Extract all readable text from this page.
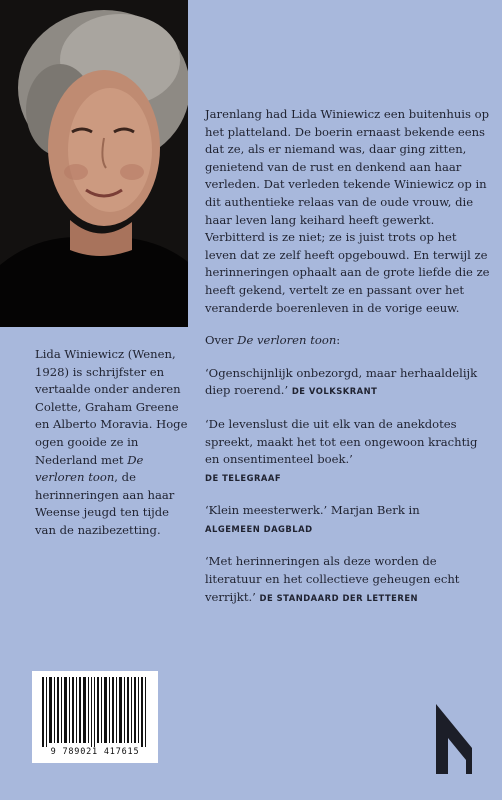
Lida Winiewicz (Wenen, 1928) is schrijfster en vertaalde onder anderen Colette, Graham Greene en Alberto Moravia. Hoge ogen gooide ze in Nederland met De verloren toon, de herinneringen aan haar Weense jeugd ten tijde van de nazibezetting.

Jarenlang had Lida Winiewicz een buitenhuis op het platteland. De boerin ernaast bekende eens dat ze, als er niemand was, daar ging zitten, genietend van de rust en denkend aan haar verleden. Dat verleden tekende Winiewicz op in dit authentieke relaas van de oude vrouw, die haar leven lang keihard heeft gewerkt. Verbitterd is ze niet; ze is juist trots op het leven dat ze zelf heeft opgebouwd. En terwijl ze herinneringen ophaalt aan de grote liefde die ze heeft gekend, vertelt ze en passant over het veranderde boerenleven in de vorige eeuw.

Over De verloren toon:

‘Ogenschijnlijk onbezorgd, maar herhaaldelijk diep roerend.’ DE VOLKSKRANT

‘De levenslust die uit elk van de anekdotes spreekt, maakt het tot een ongewoon krachtig en onsentimenteel boek.’
DE TELEGRAAF

‘Klein meesterwerk.’ Marjan Berk in
ALGEMEEN DAGBLAD

‘Met herinneringen als deze worden de literatuur en het collectieve geheugen echt verrijkt.’ DE STANDAARD DER LETTEREN

9 789021 417615
